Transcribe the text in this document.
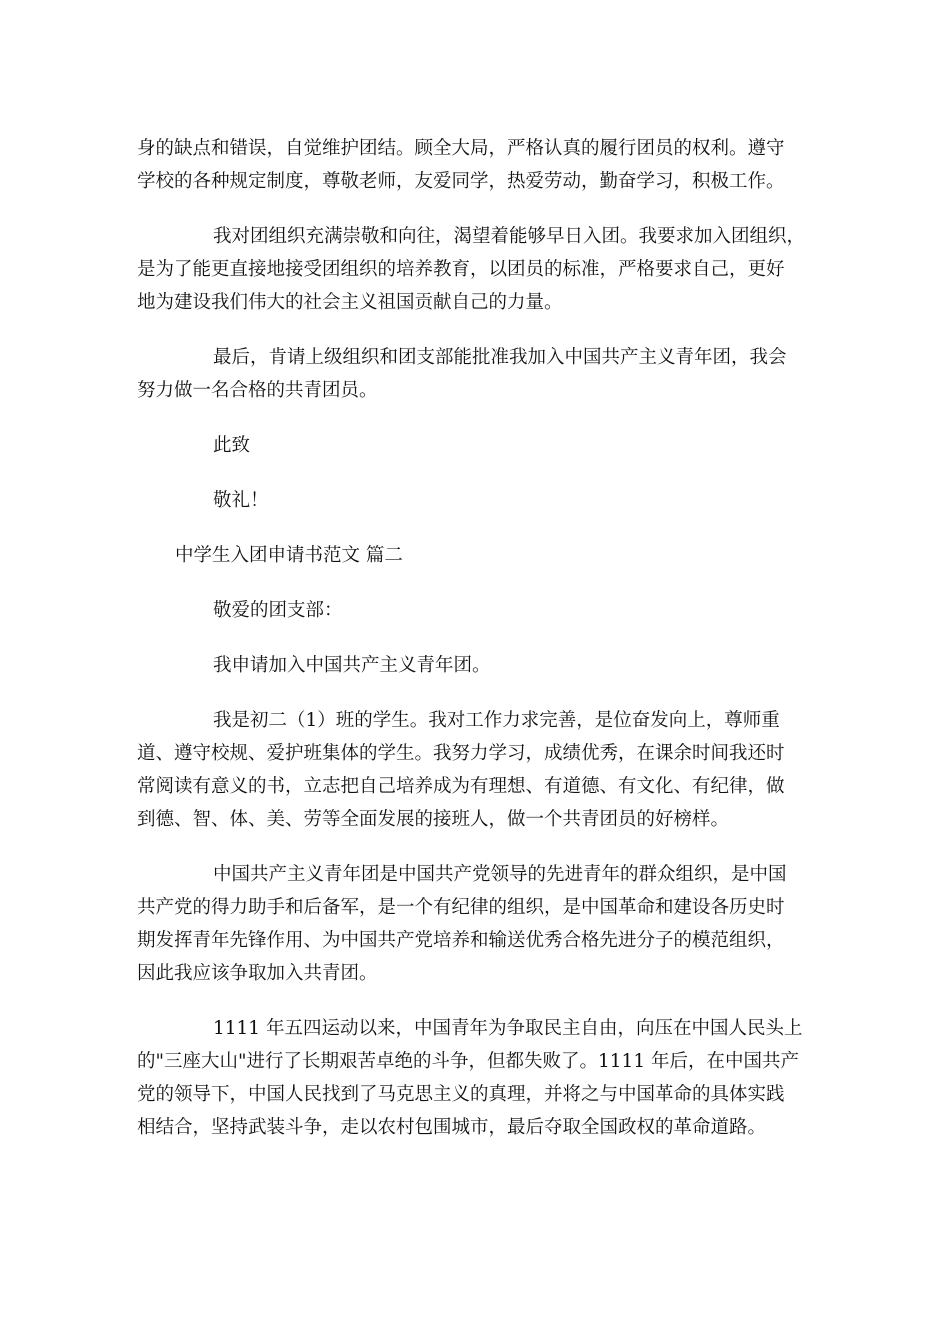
身的缺点和错误，自觉维护团结。顾全大局，严格认真的履行团员的权利。遵守
学校的各种规定制度，尊敬老师，友爱同学，热爱劳动，勤奋学习，积极工作。
我对团组织充满崇敬和向往，渴望着能够早日入团。我要求加入团组织，
是为了能更直接地接受团组织的培养教育，以团员的标准，严格要求自己，更好
地为建设我们伟大的社会主义祖国贡献自己的力量。
最后，肯请上级组织和团支部能批准我加入中国共产主义青年团，我会
努力做一名合格的共青团员。
此致
敬礼！
中学生入团申请书范文 篇二
敬爱的团支部：
我申请加入中国共产主义青年团。
我是初二（1）班的学生。我对工作力求完善，是位奋发向上，尊师重
道、遵守校规、爱护班集体的学生。我努力学习，成绩优秀，在课余时间我还时
常阅读有意义的书，立志把自己培养成为有理想、有道德、有文化、有纪律，做
到德、智、体、美、劳等全面发展的接班人，做一个共青团员的好榜样。
中国共产主义青年团是中国共产党领导的先进青年的群众组织，是中国
共产党的得力助手和后备军，是一个有纪律的组织，是中国革命和建设各历史时
期发挥青年先锋作用、为中国共产党培养和输送优秀合格先进分子的模范组织，
因此我应该争取加入共青团。
1111 年五四运动以来，中国青年为争取民主自由，向压在中国人民头上
的"三座大山"进行了长期艰苦卓绝的斗争，但都失败了。1111 年后，在中国共产
党的领导下，中国人民找到了马克思主义的真理，并将之与中国革命的具体实践
相结合，坚持武装斗争，走以农村包围城市，最后夺取全国政权的革命道路。
